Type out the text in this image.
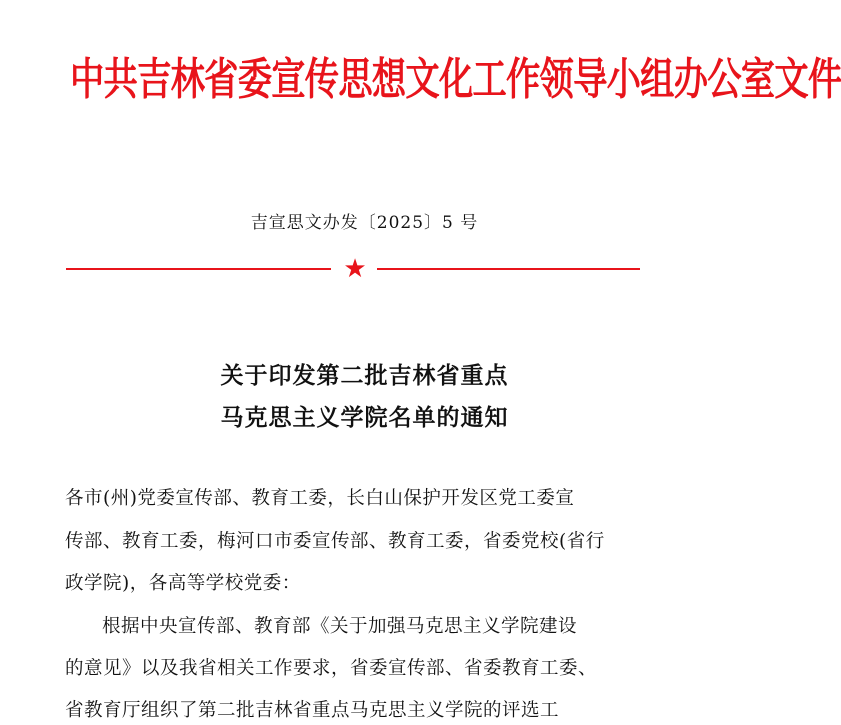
中共吉林省委宣传思想文化工作领导小组办公室文件
吉宣思文办发〔2025〕5 号
★
关于印发第二批吉林省重点
马克思主义学院名单的通知
各市(州)党委宣传部、教育工委，长白山保护开发区党工委宣
传部、教育工委，梅河口市委宣传部、教育工委，省委党校(省行
政学院)，各高等学校党委：
根据中央宣传部、教育部《关于加强马克思主义学院建设
的意见》以及我省相关工作要求，省委宣传部、省委教育工委、
省教育厅组织了第二批吉林省重点马克思主义学院的评选工
